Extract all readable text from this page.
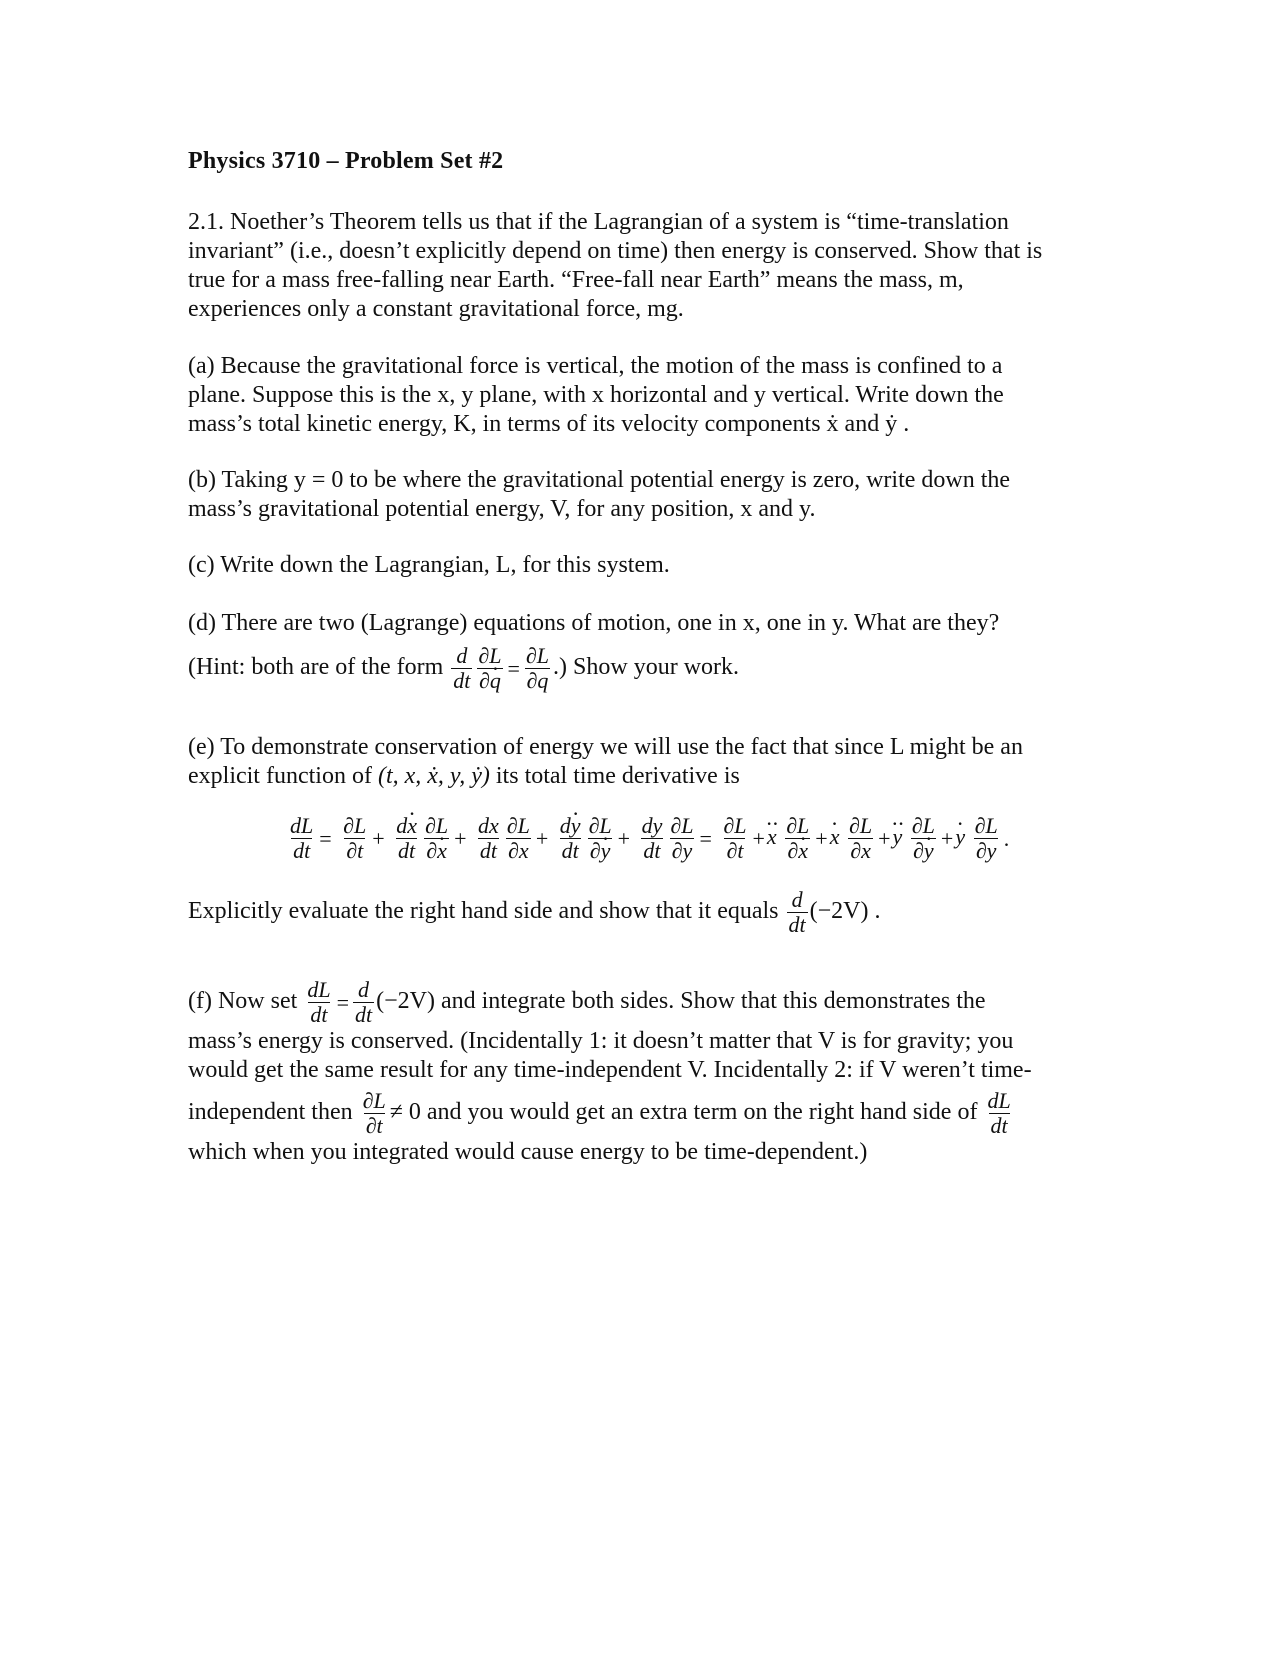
Physics 3710 – Problem Set #2
2.1. Noether’s Theorem tells us that if the Lagrangian of a system is “time-translation
invariant” (i.e., doesn’t explicitly depend on time) then energy is conserved. Show that is
true for a mass free-falling near Earth. “Free-fall near Earth” means the mass, m,
experiences only a constant gravitational force, mg.
(a) Because the gravitational force is vertical, the motion of the mass is confined to a
plane. Suppose this is the x, y plane, with x horizontal and y vertical. Write down the
mass’s total kinetic energy, K, in terms of its velocity components ẋ and ẏ .
(b) Taking y = 0 to be where the gravitational potential energy is zero, write down the
mass’s gravitational potential energy, V, for any position, x and y.
(c) Write down the Lagrangian, L, for this system.
(d) There are two (Lagrange) equations of motion, one in x, one in y. What are they?
(Hint: both are of the form $\frac{d}{dt} \frac{\partial L}{\partial q}$ · = $\frac{\partial L}{\partial q}$ .) Show your work.
(e) To demonstrate conservation of energy we will use the fact that since L might be an
explicit function of (t, x, ẋ, y, ẏ) its total time derivative is
$\frac{dL}{dt} = \frac{\partial L}{\partial t} + \frac{dx \cdot}{dt} \frac{\partial L}{\partial x}$ · + $\frac{dx}{dt} \frac{\partial L}{\partial x} + \frac{dy \cdot}{dt} \frac{\partial L}{\partial y}$ · + $\frac{dy}{dt} \frac{\partial L}{\partial y} = \frac{\partial L}{\partial t} +x \cdot\cdot \frac{\partial L}{\partial x} \cdot +x \cdot \frac{\partial L}{\partial x} +y \cdot\cdot \frac{\partial L}{\partial y} \cdot +y \cdot \frac{\partial L}{\partial y}$ .
Explicitly evaluate the right hand side and show that it equals $\frac{d}{dt} (-2V)$ .
(f) Now set $\frac{dL}{dt} = \frac{d}{dt} (-2V)$ and integrate both sides. Show that this demonstrates the
mass’s energy is conserved. (Incidentally 1: it doesn’t matter that V is for gravity; you
would get the same result for any time-independent V. Incidentally 2: if V weren’t time-
independent then $\frac{\partial L}{\partial t} \ne 0$ and you would get an extra term on the right hand side of $\frac{dL}{dt}$
which when you integrated would cause energy to be time-dependent.)
